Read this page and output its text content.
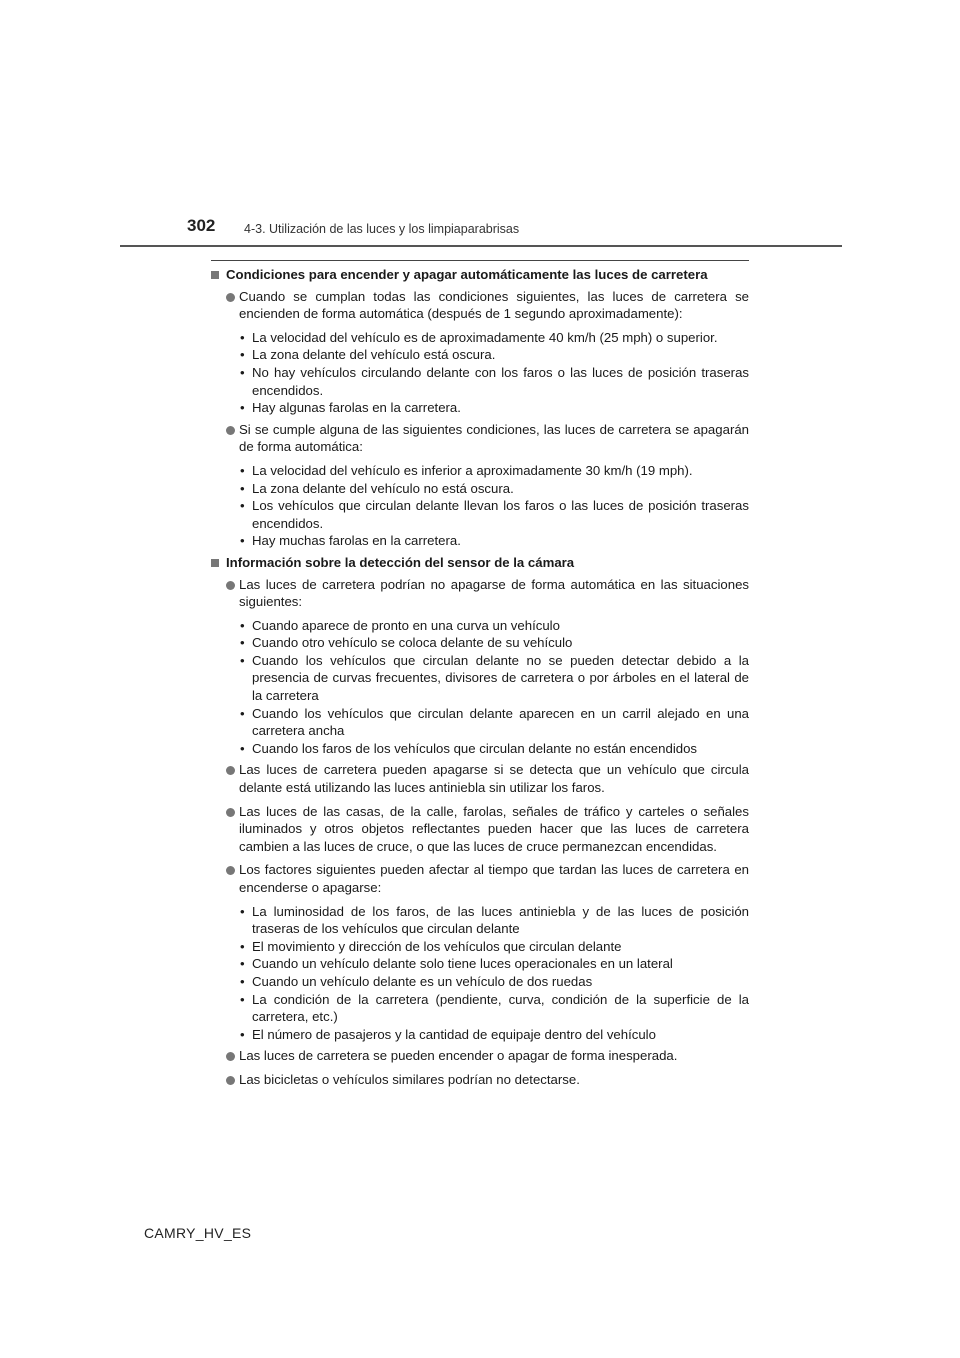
302 4-3. Utilización de las luces y los limpiaparabrisas
Condiciones para encender y apagar automáticamente las luces de carretera
Cuando se cumplan todas las condiciones siguientes, las luces de carretera se encienden de forma automática (después de 1 segundo aproximadamente):
• La velocidad del vehículo es de aproximadamente 40 km/h (25 mph) o superior.
• La zona delante del vehículo está oscura.
• No hay vehículos circulando delante con los faros o las luces de posición traseras encendidos.
• Hay algunas farolas en la carretera.
Si se cumple alguna de las siguientes condiciones, las luces de carretera se apagarán de forma automática:
• La velocidad del vehículo es inferior a aproximadamente 30 km/h (19 mph).
• La zona delante del vehículo no está oscura.
• Los vehículos que circulan delante llevan los faros o las luces de posición traseras encendidos.
• Hay muchas farolas en la carretera.
Información sobre la detección del sensor de la cámara
Las luces de carretera podrían no apagarse de forma automática en las situaciones siguientes:
• Cuando aparece de pronto en una curva un vehículo
• Cuando otro vehículo se coloca delante de su vehículo
• Cuando los vehículos que circulan delante no se pueden detectar debido a la presencia de curvas frecuentes, divisores de carretera o por árboles en el lateral de la carretera
• Cuando los vehículos que circulan delante aparecen en un carril alejado en una carretera ancha
• Cuando los faros de los vehículos que circulan delante no están encendidos
Las luces de carretera pueden apagarse si se detecta que un vehículo que circula delante está utilizando las luces antiniebla sin utilizar los faros.
Las luces de las casas, de la calle, farolas, señales de tráfico y carteles o señales iluminados y otros objetos reflectantes pueden hacer que las luces de carretera cambien a las luces de cruce, o que las luces de cruce permanezcan encendidas.
Los factores siguientes pueden afectar al tiempo que tardan las luces de carretera en encenderse o apagarse:
• La luminosidad de los faros, de las luces antiniebla y de las luces de posición traseras de los vehículos que circulan delante
• El movimiento y dirección de los vehículos que circulan delante
• Cuando un vehículo delante solo tiene luces operacionales en un lateral
• Cuando un vehículo delante es un vehículo de dos ruedas
• La condición de la carretera (pendiente, curva, condición de la superficie de la carretera, etc.)
• El número de pasajeros y la cantidad de equipaje dentro del vehículo
Las luces de carretera se pueden encender o apagar de forma inesperada.
Las bicicletas o vehículos similares podrían no detectarse.
CAMRY_HV_ES
